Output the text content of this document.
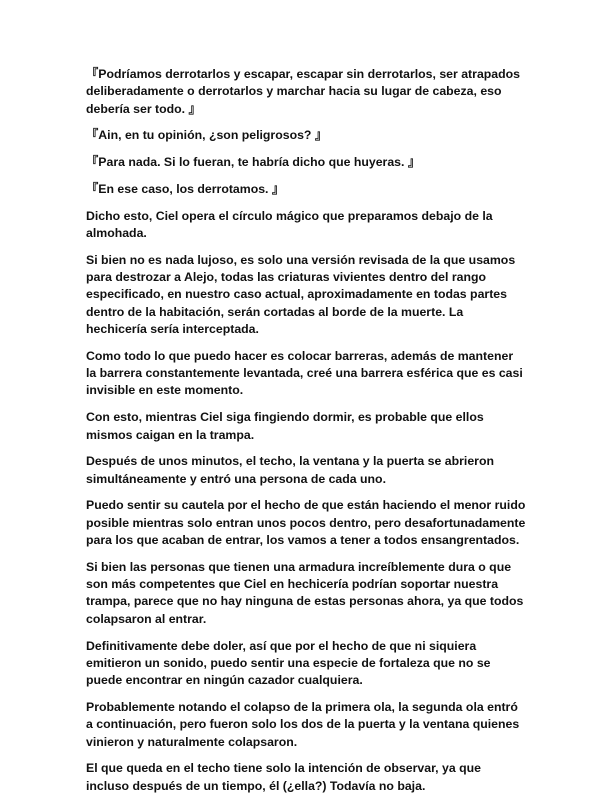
『Podríamos derrotarlos y escapar, escapar sin derrotarlos, ser atrapados deliberadamente o derrotarlos y marchar hacia su lugar de cabeza, eso debería ser todo. 』

『Ain, en tu opinión, ¿son peligrosos? 』

『Para nada. Si lo fueran, te habría dicho que huyeras. 』

『En ese caso, los derrotamos. 』

Dicho esto, Ciel opera el círculo mágico que preparamos debajo de la almohada.

Si bien no es nada lujoso, es solo una versión revisada de la que usamos para destrozar a Alejo, todas las criaturas vivientes dentro del rango especificado, en nuestro caso actual, aproximadamente en todas partes dentro de la habitación, serán cortadas al borde de la muerte. La hechicería sería interceptada.

Como todo lo que puedo hacer es colocar barreras, además de mantener la barrera constantemente levantada, creé una barrera esférica que es casi invisible en este momento.

Con esto, mientras Ciel siga fingiendo dormir, es probable que ellos mismos caigan en la trampa.

Después de unos minutos, el techo, la ventana y la puerta se abrieron simultáneamente y entró una persona de cada uno.

Puedo sentir su cautela por el hecho de que están haciendo el menor ruido posible mientras solo entran unos pocos dentro, pero desafortunadamente para los que acaban de entrar, los vamos a tener a todos ensangrentados.

Si bien las personas que tienen una armadura increíblemente dura o que son más competentes que Ciel en hechicería podrían soportar nuestra trampa, parece que no hay ninguna de estas personas ahora, ya que todos colapsaron al entrar.

Definitivamente debe doler, así que por el hecho de que ni siquiera emitieron un sonido, puedo sentir una especie de fortaleza que no se puede encontrar en ningún cazador cualquiera.

Probablemente notando el colapso de la primera ola, la segunda ola entró a continuación, pero fueron solo los dos de la puerta y la ventana quienes vinieron y naturalmente colapsaron.

El que queda en el techo tiene solo la intención de observar, ya que incluso después de un tiempo, él (¿ella?) Todavía no baja.
